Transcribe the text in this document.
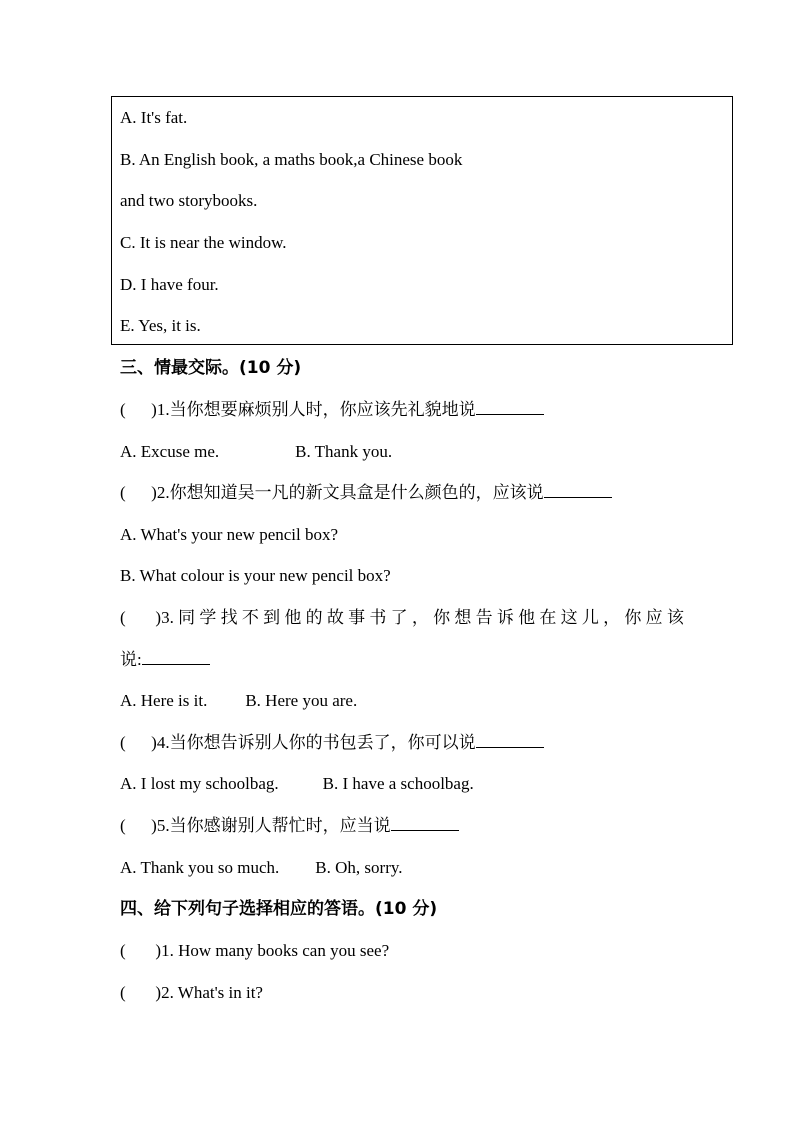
A. It's fat.
B. An English book, a maths book,a Chinese book
and two storybooks.
C. It is near the window.
D. I have four.
E. Yes, it is.
三、情最交际。(10 分)
(      )1.当你想要麻烦别人时，你应该先礼貌地说
A. Excuse me.	B. Thank you.
(      )2.你想知道吴一凡的新文具盒是什么颜色的，应该说
A. What's your new pencil box?
B. What colour is your new pencil box?
(       )3. 同 学 找 不 到 他 的 故 事 书 了 ， 你 想 告 诉 他 在 这 儿 ， 你 应 该
说:
A. Here is it. B. Here you are.
(      )4.当你想告诉别人你的书包丢了，你可以说
A. I lost my schoolbag.	B. I have a schoolbag.
(      )5.当你感谢别人帮忙时，应当说
A. Thank you so much. B. Oh, sorry.
四、给下列句子选择相应的答语。(10 分)
(       )1. How many books can you see?
(       )2. What's in it?
